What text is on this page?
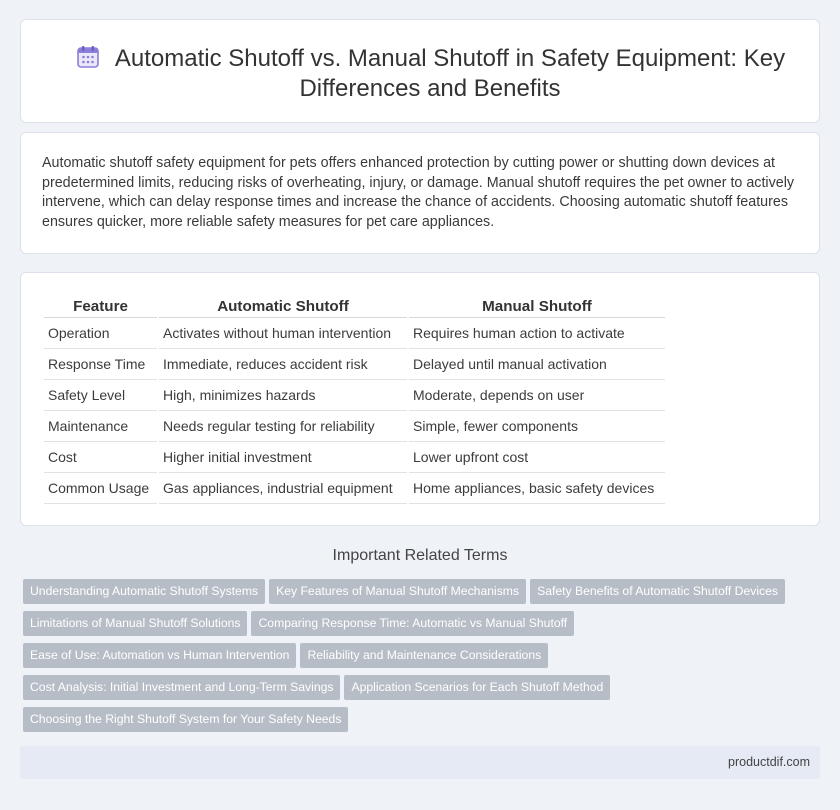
Automatic Shutoff vs. Manual Shutoff in Safety Equipment: Key Differences and Benefits
Automatic shutoff safety equipment for pets offers enhanced protection by cutting power or shutting down devices at predetermined limits, reducing risks of overheating, injury, or damage. Manual shutoff requires the pet owner to actively intervene, which can delay response times and increase the chance of accidents. Choosing automatic shutoff features ensures quicker, more reliable safety measures for pet care appliances.
Feature	Automatic Shutoff	Manual Shutoff
Operation	Activates without human intervention	Requires human action to activate
Response Time	Immediate, reduces accident risk	Delayed until manual activation
Safety Level	High, minimizes hazards	Moderate, depends on user
Maintenance	Needs regular testing for reliability	Simple, fewer components
Cost	Higher initial investment	Lower upfront cost
Common Usage	Gas appliances, industrial equipment	Home appliances, basic safety devices
Important Related Terms
Understanding Automatic Shutoff Systems Key Features of Manual Shutoff Mechanisms Safety Benefits of Automatic Shutoff Devices
Limitations of Manual Shutoff Solutions Comparing Response Time: Automatic vs Manual Shutoff
Ease of Use: Automation vs Human Intervention Reliability and Maintenance Considerations
Cost Analysis: Initial Investment and Long-Term Savings Application Scenarios for Each Shutoff Method
Choosing the Right Shutoff System for Your Safety Needs
productdif.com
